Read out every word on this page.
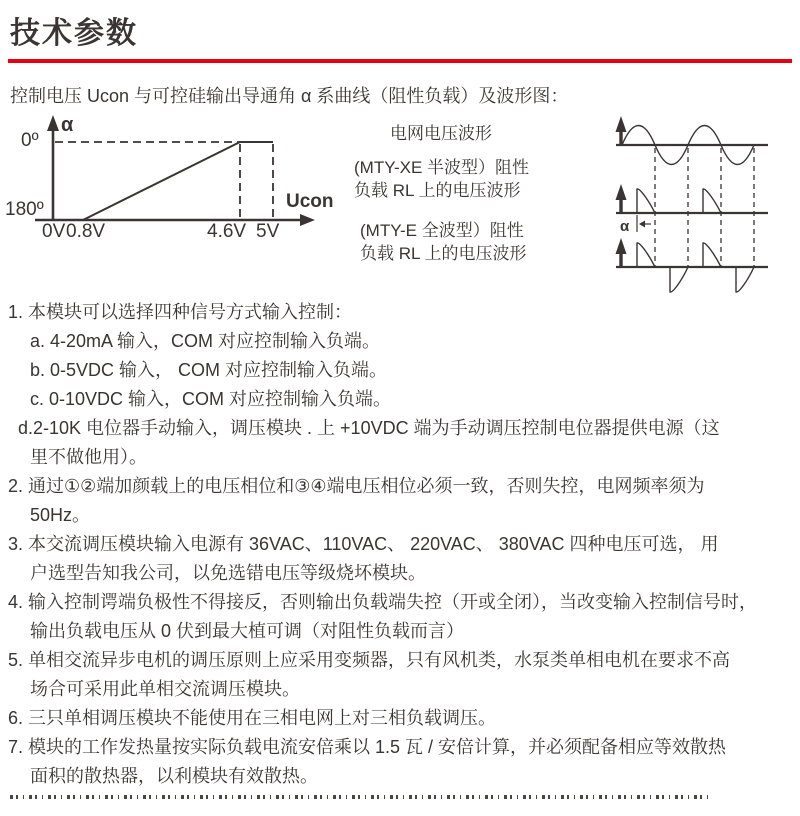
技术参数
控制电压 Ucon 与可控硅输出导通角 α 系曲线（阻性负载）及波形图：
α
0º
180º	Ucon
0V 0.8V	4.6V 5V
电网电压波形
(MTY-XE 半波型）阻性
负载 RL 上的电压波形
(MTY-E 全波型）阻性
负载 RL 上的电压波形
α
1. 本模块可以选择四种信号方式输入控制：
a. 4-20mA 输入，COM 对应控制输入负端。
b. 0-5VDC 输入， COM 对应控制输入负端。
c. 0-10VDC 输入，COM 对应控制输入负端。
d.2-10K 电位器手动输入，调压模块 . 上 +10VDC 端为手动调压控制电位器提供电源（这
里不做他用）。
2. 通过①②端加颜载上的电压相位和③④端电压相位必须一致，否则失控，电网频率须为
50Hz。
3. 本交流调压模块输入电源有 36VAC、110VAC、 220VAC、 380VAC 四种电压可选， 用
户选型告知我公司，以免选错电压等级烧坏模块。
4. 输入控制谔端负极性不得接反，否则输出负载端失控（开或全闭），当改变输入控制信号时，
输出负载电压从 0 伏到最大植可调（对阻性负载而言）
5. 单相交流异步电机的调压原则上应采用变频器，只有风机类，水泵类单相电机在要求不高
场合可采用此单相交流调压模块。
6. 三只单相调压模块不能使用在三相电网上对三相负载调压。
7. 模块的工作发热量按实际负载电流安倍乘以 1.5 瓦 / 安倍计算，并必须配备相应等效散热
面积的散热器，以利模块有效散热。
